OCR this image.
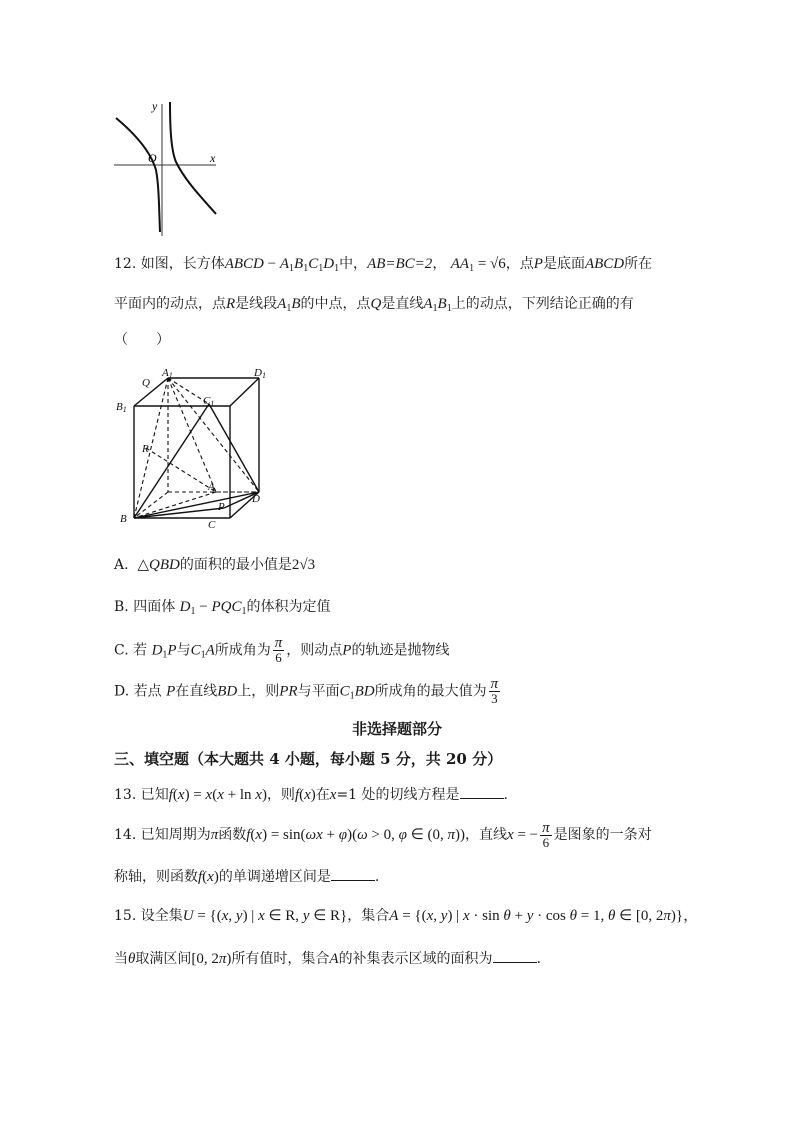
y
O	x
12. 如图，长方体ABCD − $A_1B_1C_1D_1$中，AB=BC=2， $AA_1 = √6$，点P是底面ABCD所在
平面内的动点，点R是线段$A_1B$的中点，点Q是直线$A_1B_1$上的动点，下列结论正确的有
（　　）
A1	D1
B1
C1
Q
R
P
A
B	C
D
A. △QBD的面积的最小值是2√3
B. 四面体 $D_1 - PQC_1$的体积为定值
C. 若 $D_1P$与$C_1A$所成角为 $\frac{\pi}{6}$ ，则动点P的轨迹是抛物线
D. 若点 P在直线BD上，则PR与平面$C_1BD$所成角的最大值为 $\frac{\pi}{3}$
非选择题部分
三、填空题（本大题共 4 小题，每小题 5 分，共 20 分）
13. 已知f(x) = x(x + ln x)，则f(x)在x=1 处的切线方程是	.
14. 已知周期为π函数f(x) = sin(ωx + φ)(ω > 0, φ ∈ (0, π))，直线x = − $\frac{\pi}{6}$ 是图象的一条对
称轴，则函数f(x)的单调递增区间是	.
15. 设全集U = {(x, y) | x ∈ R, y ∈ R}，集合A = {(x, y) | x · sin θ + y · cos θ = 1, θ ∈ [0, 2π)}，
当θ取满区间[0, 2π)所有值时，集合A的补集表示区域的面积为	.
